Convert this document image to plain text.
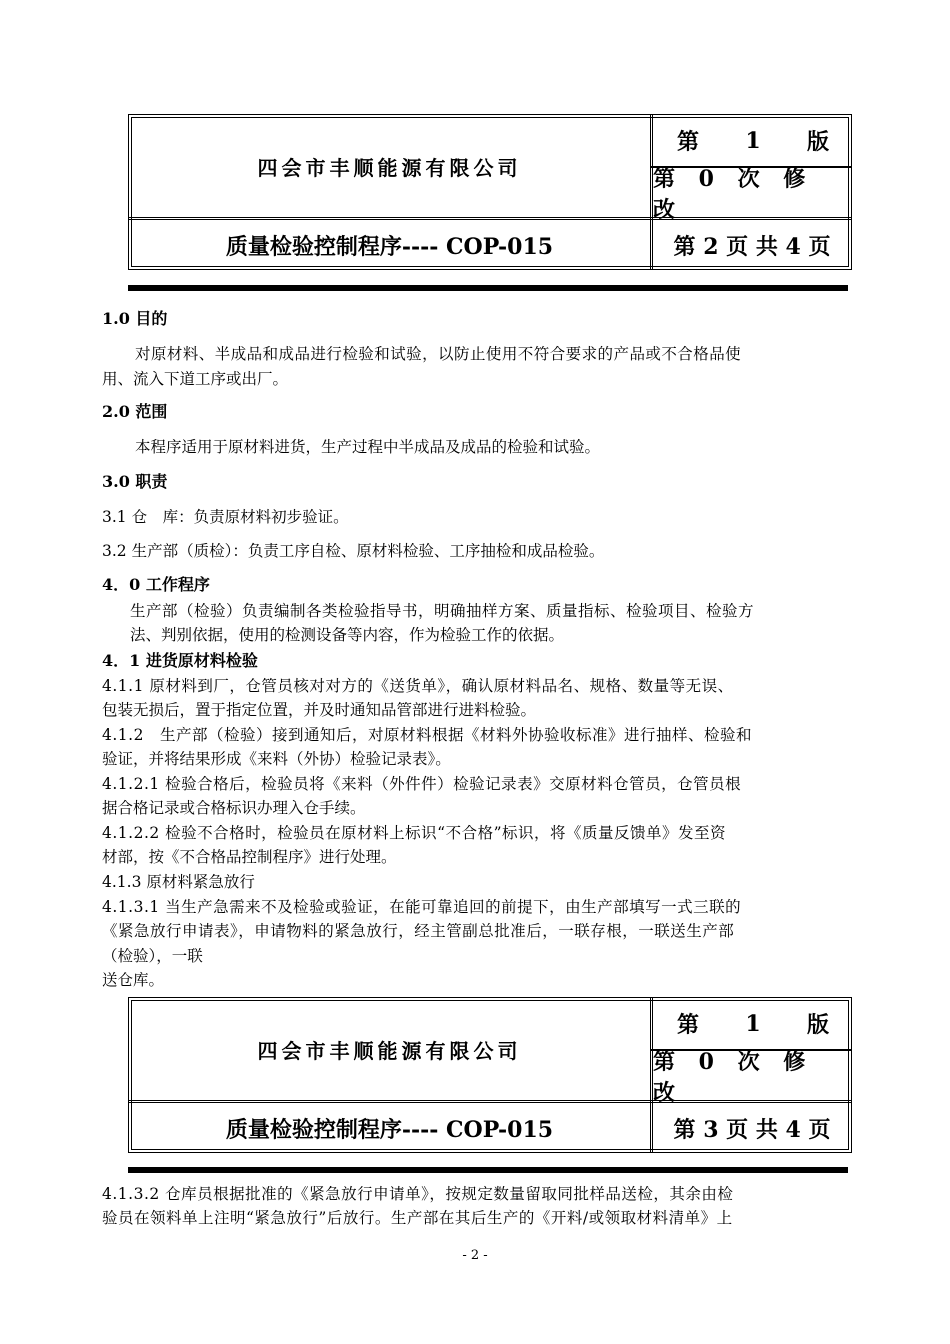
四会市丰顺能源有限公司
质量检验控制程序---- COP-015
第 1 版
第 0 次 修 改
第 2 页 共 4 页
1.0 目的
对原材料、半成品和成品进行检验和试验，以防止使用不符合要求的产品或不合格品使
用、流入下道工序或出厂。
2.0 范围
本程序适用于原材料进货，生产过程中半成品及成品的检验和试验。
3.0 职责
3.1 仓　库：负责原材料初步验证。
3.2 生产部（质检）：负责工序自检、原材料检验、工序抽检和成品检验。
4．0 工作程序
生产部（检验）负责编制各类检验指导书，明确抽样方案、质量指标、检验项目、检验方
法、判别依据，使用的检测设备等内容，作为检验工作的依据。
4．1 进货原材料检验
4.1.1 原材料到厂，仓管员核对对方的《送货单》，确认原材料品名、规格、数量等无误、
包装无损后，置于指定位置，并及时通知品管部进行进料检验。
4.1.2　生产部（检验）接到通知后，对原材料根据《材料外协验收标准》进行抽样、检验和
验证，并将结果形成《来料（外协）检验记录表》。
4.1.2.1 检验合格后，检验员将《来料（外件件）检验记录表》交原材料仓管员，仓管员根
据合格记录或合格标识办理入仓手续。
4.1.2.2 检验不合格时，检验员在原材料上标识“不合格”标识，将《质量反馈单》发至资
材部，按《不合格品控制程序》进行处理。
4.1.3 原材料紧急放行
4.1.3.1 当生产急需来不及检验或验证，在能可靠追回的前提下，由生产部填写一式三联的
《紧急放行申请表》，申请物料的紧急放行，经主管副总批准后，一联存根，一联送生产部
（检验），一联
送仓库。
四会市丰顺能源有限公司
质量检验控制程序---- COP-015
第 1 版
第 0 次 修 改
第 3 页 共 4 页
4.1.3.2 仓库员根据批准的《紧急放行申请单》，按规定数量留取同批样品送检，其余由检
验员在领料单上注明“紧急放行”后放行。生产部在其后生产的《开料/或领取材料清单》上
- 2 -
